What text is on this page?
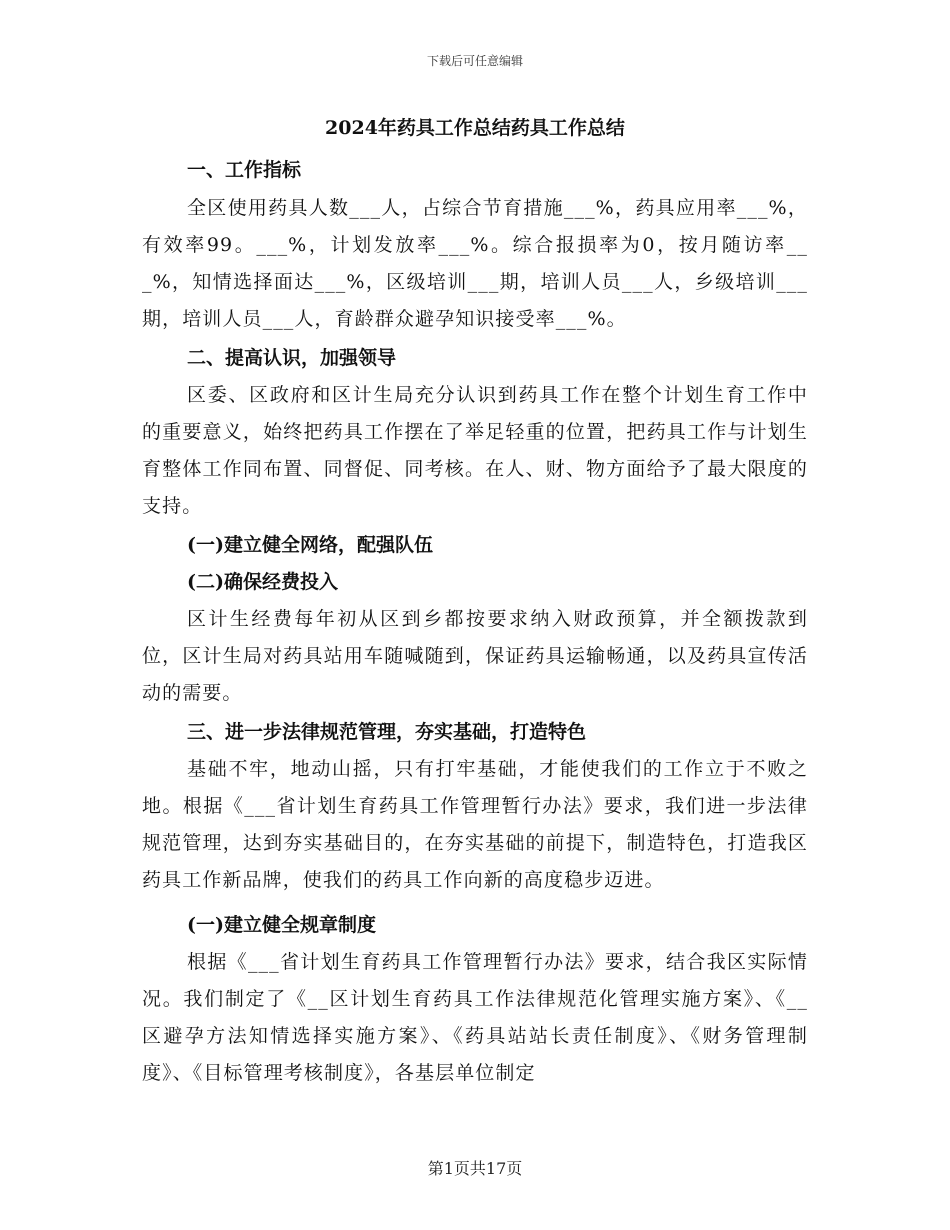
下载后可任意编辑

2024年药具工作总结药具工作总结

一、工作指标

全区使用药具人数___人，占综合节育措施___%，药具应用率___%，有效率99。___%，计划发放率___%。综合报损率为0，按月随访率___%，知情选择面达___%，区级培训___期，培训人员___人，乡级培训___期，培训人员___人，育龄群众避孕知识接受率___%。

二、提高认识，加强领导

区委、区政府和区计生局充分认识到药具工作在整个计划生育工作中的重要意义，始终把药具工作摆在了举足轻重的位置，把药具工作与计划生育整体工作同布置、同督促、同考核。在人、财、物方面给予了最大限度的支持。

(一)建立健全网络，配强队伍

(二)确保经费投入

区计生经费每年初从区到乡都按要求纳入财政预算，并全额拨款到位，区计生局对药具站用车随喊随到，保证药具运输畅通，以及药具宣传活动的需要。

三、进一步法律规范管理，夯实基础，打造特色

基础不牢，地动山摇，只有打牢基础，才能使我们的工作立于不败之地。根据《___省计划生育药具工作管理暂行办法》要求，我们进一步法律规范管理，达到夯实基础目的，在夯实基础的前提下，制造特色，打造我区药具工作新品牌，使我们的药具工作向新的高度稳步迈进。

(一)建立健全规章制度

根据《___省计划生育药具工作管理暂行办法》要求，结合我区实际情况。我们制定了《__区计划生育药具工作法律规范化管理实施方案》、《__区避孕方法知情选择实施方案》、《药具站站长责任制度》、《财务管理制度》、《目标管理考核制度》，各基层单位制定

第1页共17页
